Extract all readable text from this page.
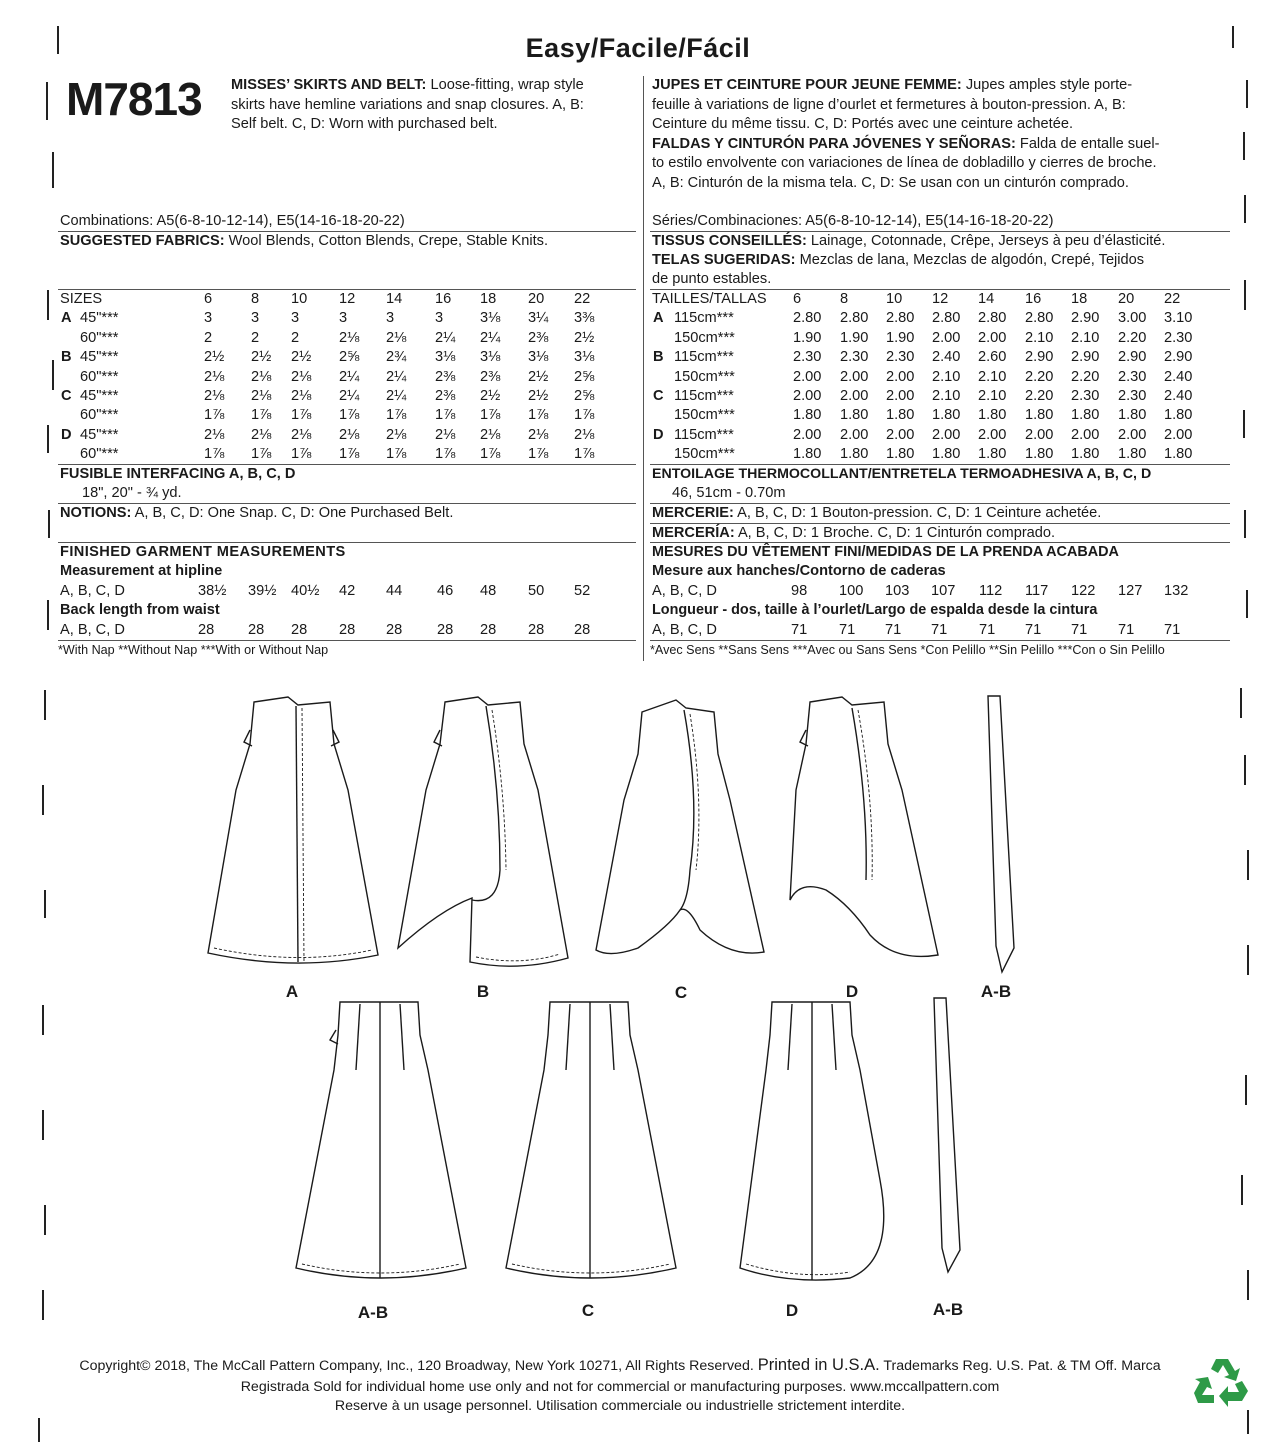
Easy/Facile/Fácil
M7813 MISSES’ SKIRTS AND BELT: Loose-fitting, wrap style
skirts have hemline variations and snap closures. A, B:
Self belt. C, D: Worn with purchased belt.
JUPES ET CEINTURE POUR JEUNE FEMME: Jupes amples style porte-
feuille à variations de ligne d’ourlet et fermetures à bouton-pression. A, B:
Ceinture du même tissu. C, D: Portés avec une ceinture achetée.
FALDAS Y CINTURÓN PARA JÓVENES Y SEÑORAS: Falda de entalle suel-
to estilo envolvente con variaciones de línea de dobladillo y cierres de broche.
A, B: Cinturón de la misma tela. C, D: Se usan con un cinturón comprado.
Combinations: A5(6-8-10-12-14), E5(14-16-18-20-22)
SUGGESTED FABRICS: Wool Blends, Cotton Blends, Crepe, Stable Knits.
SIZES	6	8 10 12 14 16 18 20 22
A 45"***	3	3 3	3	3	3	3⅛ 3¼ 3⅜
60"***	2	2 2	2⅛ 2⅛ 2¼ 2¼ 2⅜ 2½
B 45"***	2½ 2½ 2½ 2⅝ 2¾ 3⅛ 3⅛ 3⅛ 3⅛
60"***	2⅛ 2⅛ 2⅛ 2¼ 2¼ 2⅜ 2⅜ 2½ 2⅝
C 45"***	2⅛ 2⅛ 2⅛ 2¼ 2¼ 2⅜ 2½ 2½ 2⅝
60"***	1⅞ 1⅞ 1⅞ 1⅞ 1⅞ 1⅞ 1⅞ 1⅞ 1⅞
D 45"***	2⅛ 2⅛ 2⅛ 2⅛ 2⅛ 2⅛ 2⅛ 2⅛ 2⅛
60"***	1⅞ 1⅞ 1⅞ 1⅞ 1⅞ 1⅞ 1⅞ 1⅞ 1⅞
FUSIBLE INTERFACING A, B, C, D
18", 20" - ¾ yd.
NOTIONS: A, B, C, D: One Snap. C, D: One Purchased Belt.
FINISHED GARMENT MEASUREMENTS
Measurement at hipline
A, B, C, D	38½ 39½ 40½ 42 44 46 48 50 52
Back length from waist
A, B, C, D	28 28 28 28 28 28 28 28 28
*With Nap **Without Nap ***With or Without Nap
Séries/Combinaciones: A5(6-8-10-12-14), E5(14-16-18-20-22)
TISSUS CONSEILLÉS: Lainage, Cotonnade, Crêpe, Jerseys à peu d’élasticité.
TELAS SUGERIDAS: Mezclas de lana, Mezclas de algodón, Crepé, Tejidos
de punto estables.
TAILLES/TALLAS 6	8	10 12 14 16 18 20 22
A 115cm***	2.80 2.80 2.80 2.80 2.80 2.80 2.90 3.00 3.10
150cm***	1.90 1.90 1.90 2.00 2.00 2.10 2.10 2.20 2.30
B 115cm***	2.30 2.30 2.30 2.40 2.60 2.90 2.90 2.90 2.90
150cm***	2.00 2.00 2.00 2.10 2.10 2.20 2.20 2.30 2.40
C 115cm***	2.00 2.00 2.00 2.10 2.10 2.20 2.30 2.30 2.40
150cm***	1.80 1.80 1.80 1.80 1.80 1.80 1.80 1.80 1.80
D 115cm***	2.00 2.00 2.00 2.00 2.00 2.00 2.00 2.00 2.00
150cm***	1.80 1.80 1.80 1.80 1.80 1.80 1.80 1.80 1.80
ENTOILAGE THERMOCOLLANT/ENTRETELA TERMOADHESIVA A, B, C, D
46, 51cm - 0.70m
MERCERIE: A, B, C, D: 1 Bouton-pression. C, D: 1 Ceinture achetée.
MERCERÍA: A, B, C, D: 1 Broche. C, D: 1 Cinturón comprado.
MESURES DU VÊTEMENT FINI/MEDIDAS DE LA PRENDA ACABADA
Mesure aux hanches/Contorno de caderas
A, B, C, D	98 100 103 107 112 117 122 127 132
Longueur - dos, taille à l’ourlet/Largo de espalda desde la cintura
A, B, C, D	71 71 71 71 71 71 71 71 71
*Avec Sens **Sans Sens ***Avec ou Sans Sens *Con Pelillo **Sin Pelillo ***Con o Sin Pelillo
A	B	C	D	A-B
A-B	C	D	A-B
Copyright© 2018, The McCall Pattern Company, Inc., 120 Broadway, New York 10271, All Rights Reserved. Printed in U.S.A. Trademarks Reg. U.S. Pat. & TM Off. Marca
Registrada Sold for individual home use only and not for commercial or manufacturing purposes. www.mccallpattern.com
Reserve à un usage personnel. Utilisation commerciale ou industrielle strictement interdite.
